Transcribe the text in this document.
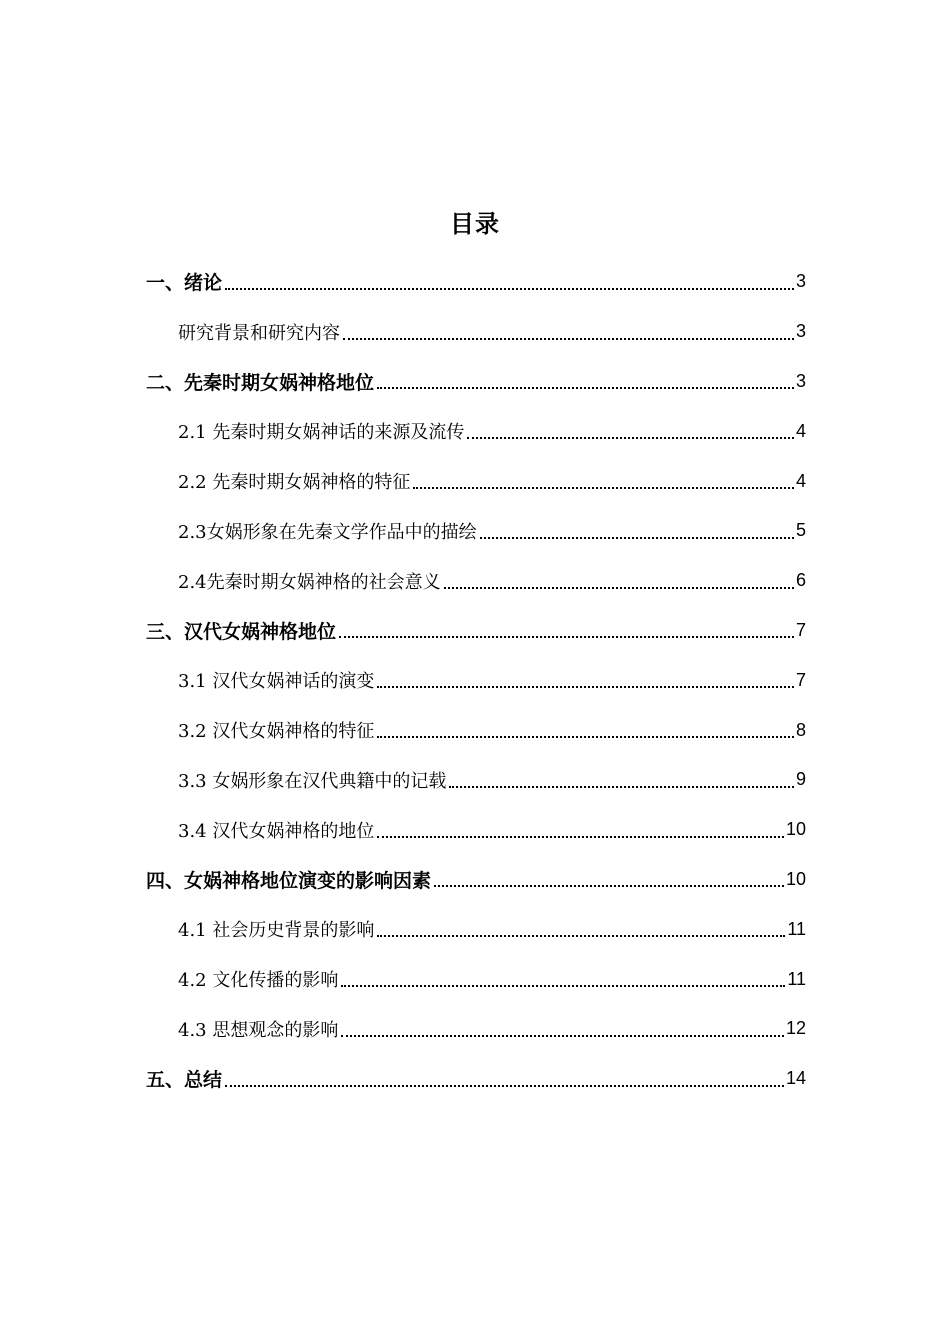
目录
一、绪论	3
研究背景和研究内容	3
二、先秦时期女娲神格地位	3
2.1 先秦时期女娲神话的来源及流传	4
2.2 先秦时期女娲神格的特征	4
2.3女娲形象在先秦文学作品中的描绘	5
2.4先秦时期女娲神格的社会意义	6
三、汉代女娲神格地位	7
3.1 汉代女娲神话的演变	7
3.2 汉代女娲神格的特征	8
3.3 女娲形象在汉代典籍中的记载	9
3.4 汉代女娲神格的地位	10
四、女娲神格地位演变的影响因素	10
4.1 社会历史背景的影响	11
4.2 文化传播的影响	11
4.3 思想观念的影响	12
五、总结	14
